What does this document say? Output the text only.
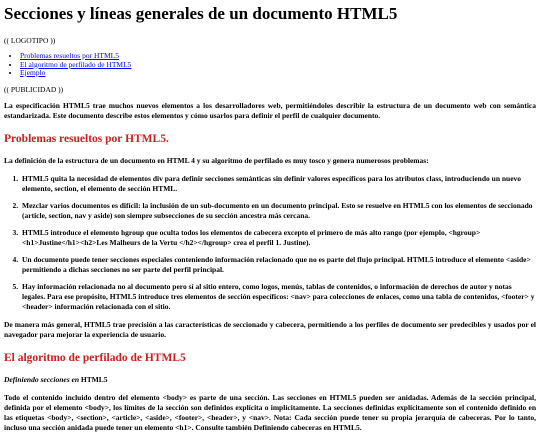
Secciones y líneas generales de un documento HTML5

(( LOGOTIPO ))

• Problemas resueltos por HTML5
• El algoritmo de perfilado de HTML5
• Ejemplo

(( PUBLICIDAD ))

La especificación HTML5 trae muchos nuevos elementos a los desarrolladores web, permitiéndoles describir la estructura de un documento web con semántica estandarizada. Este documento describe estos elementos y cómo usarlos para definir el perfil de cualquier documento.

Problemas resueltos por HTML5.

La definición de la estructura de un documento en HTML 4 y su algoritmo de perfilado es muy tosco y genera numerosos problemas:

1. HTML5 quita la necesidad de elementos div para definir secciones semánticas sin definir valores específicos para los atributos class, introduciendo un nuevo elemento, section, el elemento de sección HTML.
2. Mezclar varios documentos es difícil: la inclusión de un sub-documento en un documento principal. Esto se resuelve en HTML5 con los elementos de seccionado (article, section, nav y aside) son siempre subsecciones de su sección ancestra más cercana.
3. HTML5 introduce el elemento hgroup que oculta todos los elementos de cabecera excepto el primero de más alto rango (por ejemplo, <hgroup> <h1>Justine</h1><h2>Les Malheurs de la Vertu </h2></hgroup> crea el perfil 1. Justine).
4. Un documento puede tener secciones especiales conteniendo información relacionado que no es parte del flujo principal. HTML5 introduce el elemento <aside> permitiendo a dichas secciones no ser parte del perfil principal.
5. Hay información relacionada no al documento pero sí al sitio entero, como logos, menús, tablas de contenidos, o información de derechos de autor y notas legales. Para ese propósito, HTML5 introduce tres elementos de sección específicos: <nav> para colecciones de enlaces, como una tabla de contenidos, <footer> y <header> información relacionada con el sitio.

De manera más general, HTML5 trae precisión a las características de seccionado y cabecera, permitiendo a los perfiles de documento ser predecibles y usados por el navegador para mejorar la experiencia de usuario.

El algoritmo de perfilado de HTML5

Definiendo secciones en HTML5

Todo el contenido incluido dentro del elemento <body> es parte de una sección. Las secciones en HTML5 pueden ser anidadas. Además de la sección principal, definida por el elemento <body>, los límites de la sección son definidos explícita o implícitamente. La secciones definidas explícitamente son el contenido definido en las etiquetas <body>, <section>, <article>, <aside>, <footer>, <header>, y <nav>. Nota: Cada sección puede tener su propia jerarquía de cabeceras. Por lo tanto, incluso una sección anidada puede tener un elemento <h1>. Consulte también Definiendo cabeceras en HTML5.
